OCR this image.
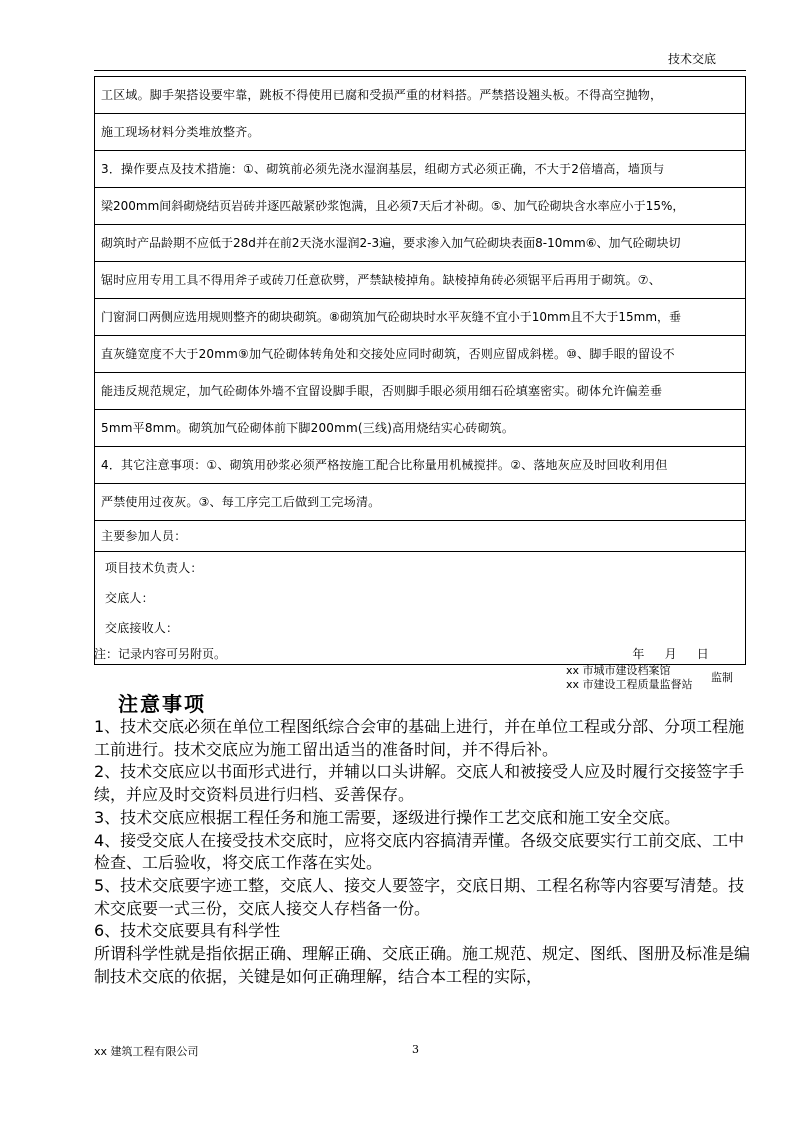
技术交底
工区域。脚手架搭设要牢靠，跳板不得使用已腐和受损严重的材料搭。严禁搭设翘头板。不得高空抛物，
施工现场材料分类堆放整齐。
3．操作要点及技术措施：①、砌筑前必须先浇水湿润基层，组砌方式必须正确，不大于2倍墙高，墙顶与
梁200mm间斜砌烧结页岩砖并逐匹敲紧砂浆饱满，且必须7天后才补砌。⑤、加气砼砌块含水率应小于15%，
砌筑时产品龄期不应低于28d并在前2天浇水湿润2-3遍，要求渗入加气砼砌块表面8-10mm⑥、加气砼砌块切
锯时应用专用工具不得用斧子或砖刀任意砍劈，严禁缺棱掉角。缺棱掉角砖必须锯平后再用于砌筑。⑦、
门窗洞口两侧应选用规则整齐的砌块砌筑。⑧砌筑加气砼砌块时水平灰缝不宜小于10mm且不大于15mm，垂
直灰缝宽度不大于20mm⑨加气砼砌体转角处和交接处应同时砌筑，否则应留成斜槎。⑩、脚手眼的留设不
能违反规范规定，加气砼砌体外墙不宜留设脚手眼，否则脚手眼必须用细石砼填塞密实。砌体允许偏差垂
5mm平8mm。砌筑加气砼砌体前下脚200mm(三线)高用烧结实心砖砌筑。
4．其它注意事项：①、砌筑用砂浆必须严格按施工配合比称量用机械搅拌。②、落地灰应及时回收利用但
严禁使用过夜灰。③、每工序完工后做到工完场清。
主要参加人员：

项目技术负责人：
交底人：
交底接收人：
年 月 日
注：记录内容可另附页。
xx 市城市建设档案馆
xx 市建设工程质量监督站
监制
注意事项

1、技术交底必须在单位工程图纸综合会审的基础上进行，并在单位工程或分部、分项工程施工前进行。技术交底应为施工留出适当的准备时间，并不得后补。

2、技术交底应以书面形式进行，并辅以口头讲解。交底人和被接受人应及时履行交接签字手续，并应及时交资料员进行归档、妥善保存。

3、技术交底应根据工程任务和施工需要，逐级进行操作工艺交底和施工安全交底。

4、接受交底人在接受技术交底时，应将交底内容搞清弄懂。各级交底要实行工前交底、工中检查、工后验收，将交底工作落在实处。

5、技术交底要字迹工整，交底人、接交人要签字，交底日期、工程名称等内容要写清楚。技术交底要一式三份，交底人接交人存档备一份。

6、技术交底要具有科学性

所谓科学性就是指依据正确、理解正确、交底正确。施工规范、规定、图纸、图册及标准是编制技术交底的依据，关键是如何正确理解，结合本工程的实际，

xx 建筑工程有限公司	3
